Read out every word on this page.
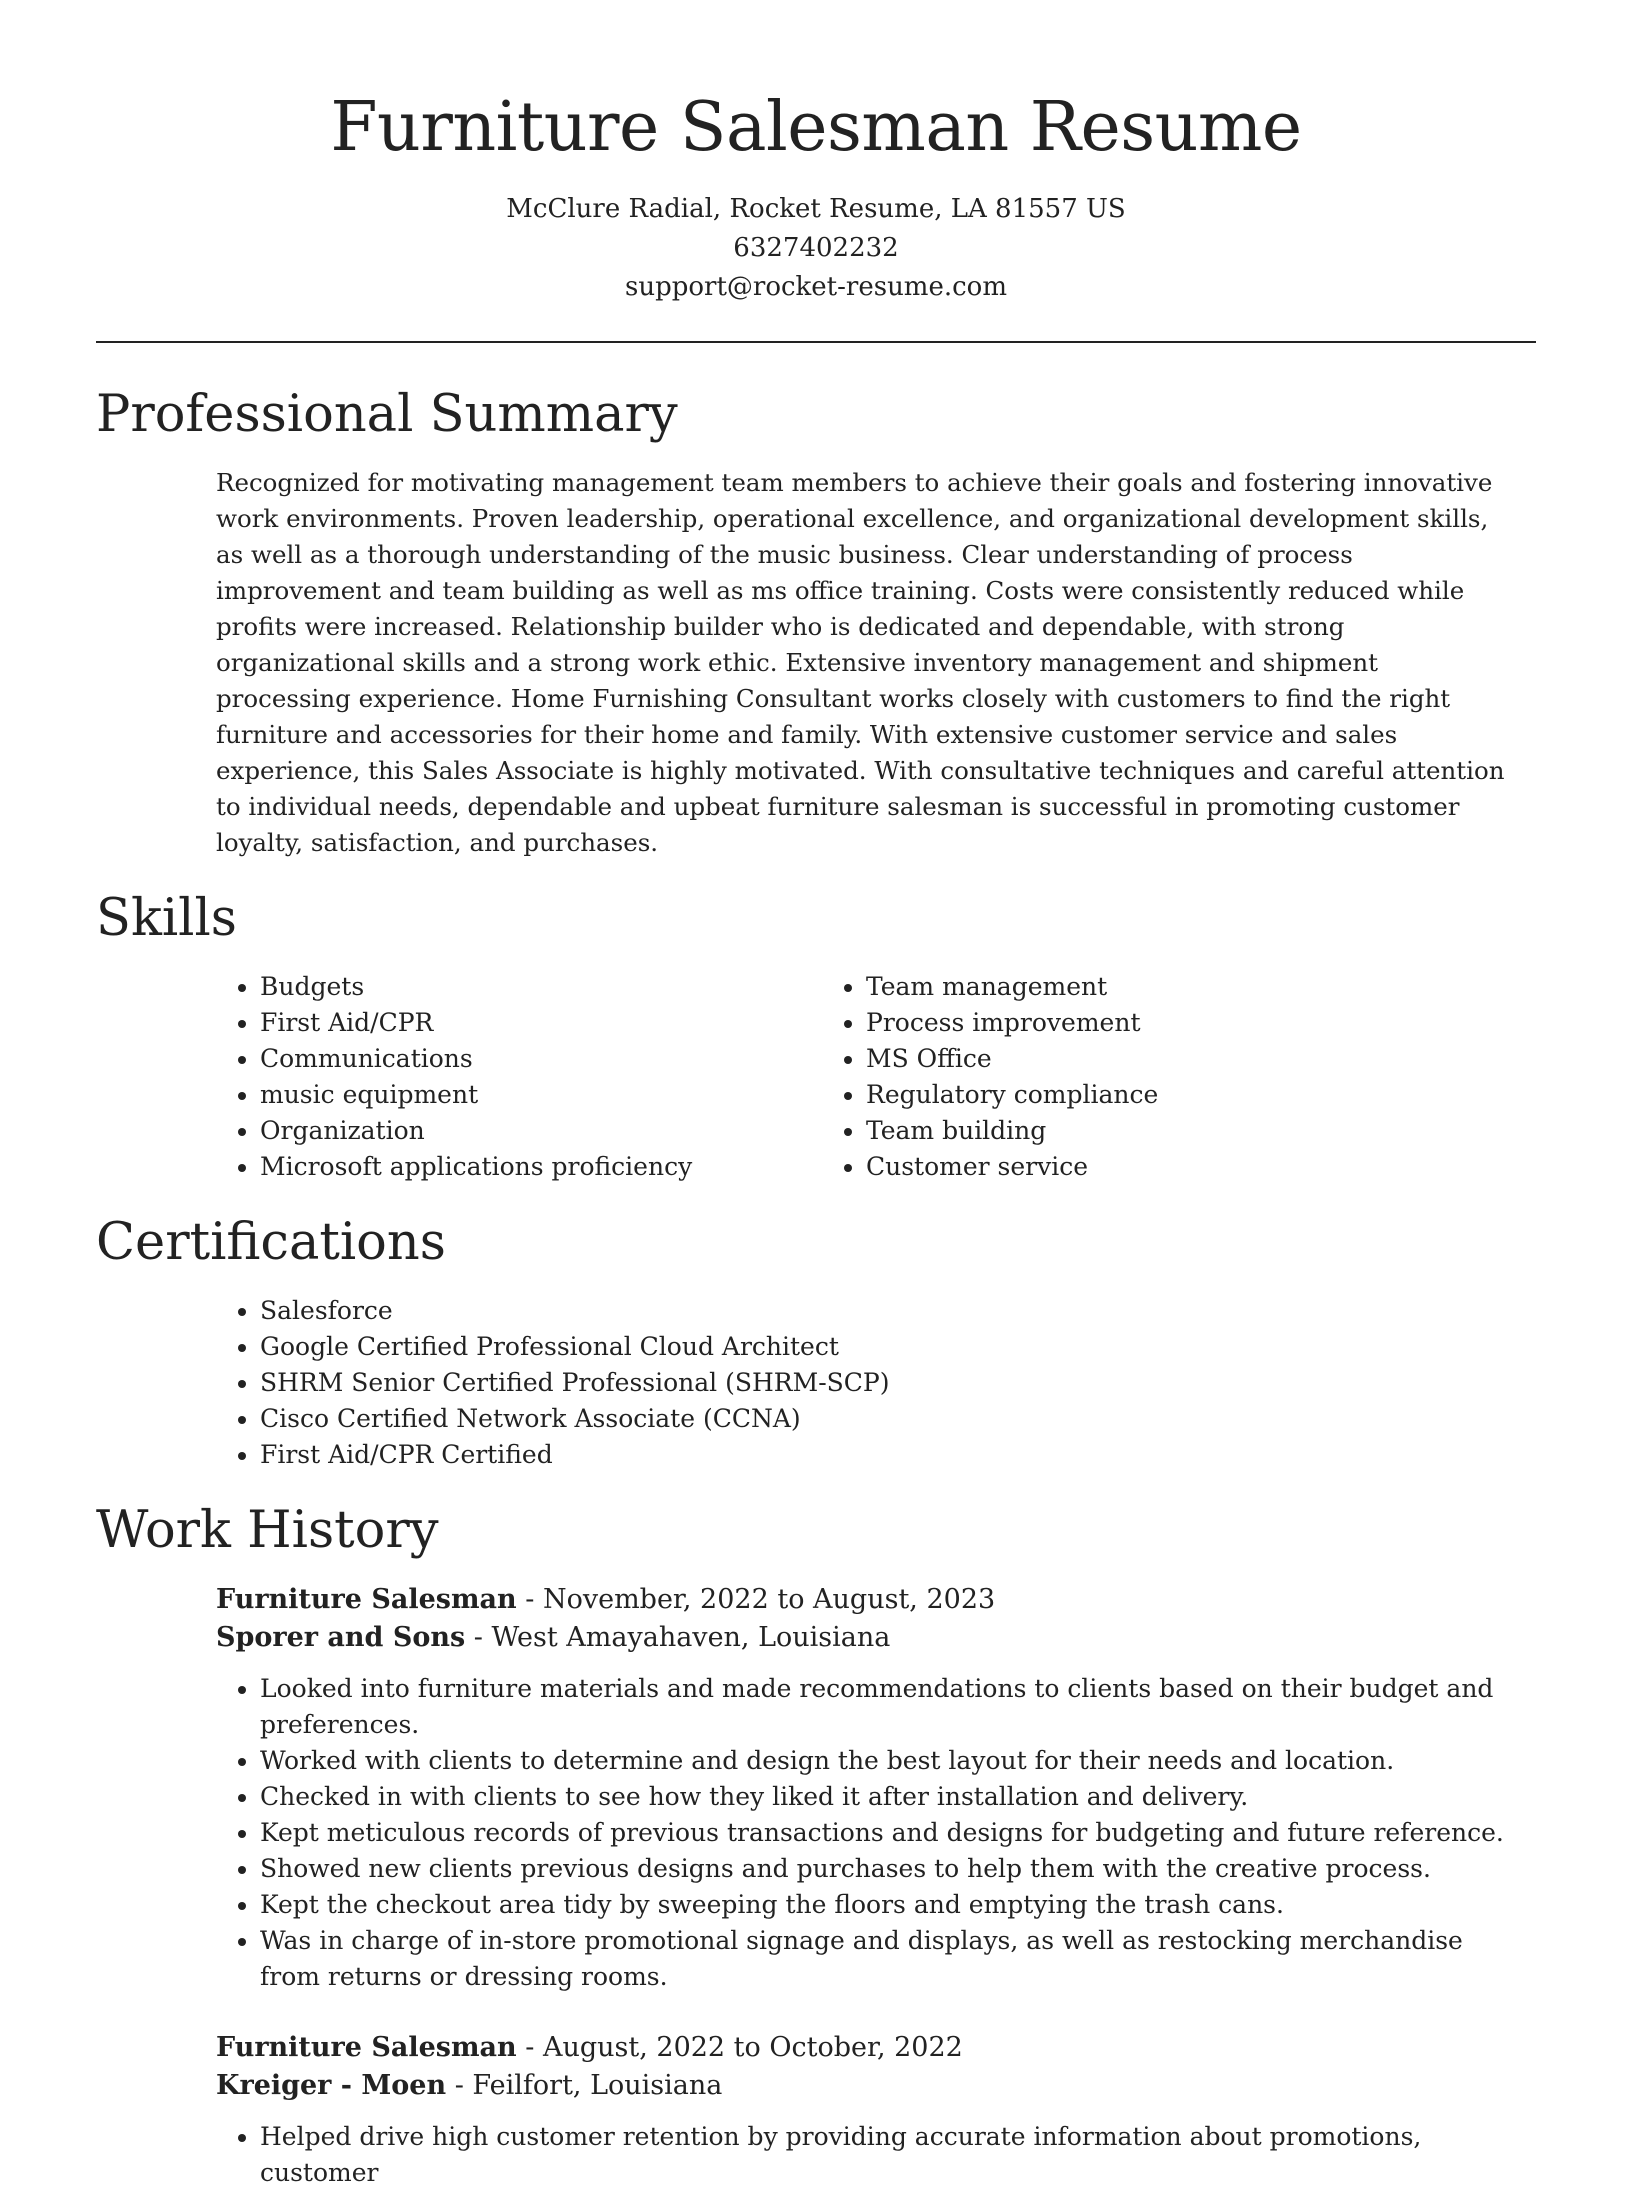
Furniture Salesman Resume
McClure Radial, Rocket Resume, LA 81557 US
6327402232
support@rocket-resume.com
Professional Summary

Recognized for motivating management team members to achieve their goals and fostering innovative work environments. Proven leadership, operational excellence, and organizational development skills, as well as a thorough understanding of the music business. Clear understanding of process improvement and team building as well as ms office training. Costs were consistently reduced while profits were increased. Relationship builder who is dedicated and dependable, with strong organizational skills and a strong work ethic. Extensive inventory management and shipment processing experience. Home Furnishing Consultant works closely with customers to find the right furniture and accessories for their home and family. With extensive customer service and sales experience, this Sales Associate is highly motivated. With consultative techniques and careful attention to individual needs, dependable and upbeat furniture salesman is successful in promoting customer loyalty, satisfaction, and purchases.

Skills
• Budgets
• First Aid/CPR
• Communications
• music equipment
• Organization
• Microsoft applications proficiency
• Team management
• Process improvement
• MS Office
• Regulatory compliance
• Team building
• Customer service
Certifications
• Salesforce
• Google Certified Professional Cloud Architect
• SHRM Senior Certified Professional (SHRM-SCP)
• Cisco Certified Network Associate (CCNA)
• First Aid/CPR Certified
Work History
Furniture Salesman - November, 2022 to August, 2023
Sporer and Sons - West Amayahaven, Louisiana
• Looked into furniture materials and made recommendations to clients based on their budget and preferences.
• Worked with clients to determine and design the best layout for their needs and location.
• Checked in with clients to see how they liked it after installation and delivery.
• Kept meticulous records of previous transactions and designs for budgeting and future reference.
• Showed new clients previous designs and purchases to help them with the creative process.
• Kept the checkout area tidy by sweeping the floors and emptying the trash cans.
• Was in charge of in-store promotional signage and displays, as well as restocking merchandise from returns or dressing rooms.
Furniture Salesman - August, 2022 to October, 2022
Kreiger - Moen - Feilfort, Louisiana
• Helped drive high customer retention by providing accurate information about promotions, customer
